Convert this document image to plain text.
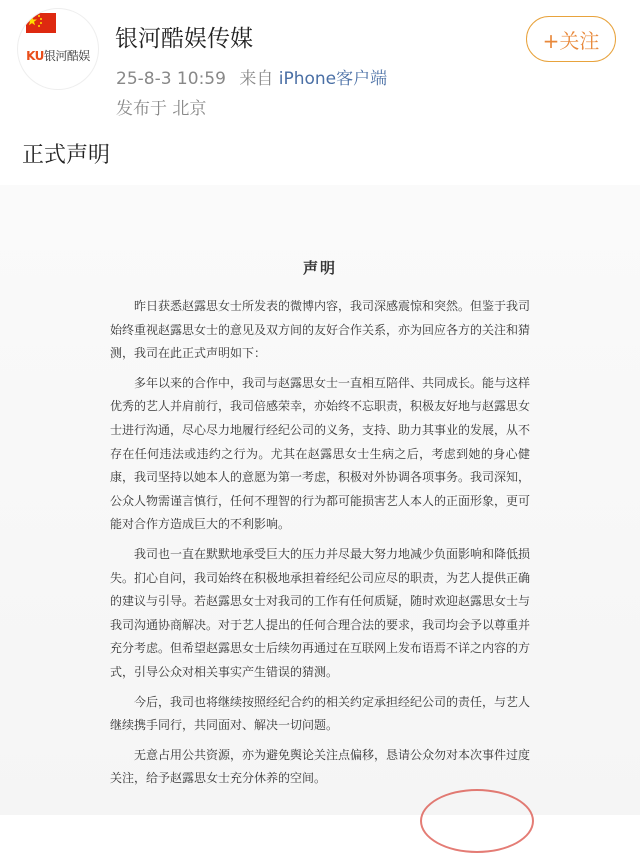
KU银河酷娱
银河酷娱传媒
25-8-3 10:59 来自 iPhone客户端
发布于 北京
+关注
正式声明
声明

昨日获悉赵露思女士所发表的微博内容，我司深感震惊和突然。但鉴于我司始终重视赵露思女士的意见及双方间的友好合作关系，亦为回应各方的关注和猜测，我司在此正式声明如下：

多年以来的合作中，我司与赵露思女士一直相互陪伴、共同成长。能与这样优秀的艺人并肩前行，我司倍感荣幸，亦始终不忘职责，积极友好地与赵露思女士进行沟通，尽心尽力地履行经纪公司的义务，支持、助力其事业的发展，从不存在任何违法或违约之行为。尤其在赵露思女士生病之后，考虑到她的身心健康，我司坚持以她本人的意愿为第一考虑，积极对外协调各项事务。我司深知，公众人物需谨言慎行，任何不理智的行为都可能损害艺人本人的正面形象，更可能对合作方造成巨大的不利影响。

我司也一直在默默地承受巨大的压力并尽最大努力地减少负面影响和降低损失。扪心自问，我司始终在积极地承担着经纪公司应尽的职责，为艺人提供正确的建议与引导。若赵露思女士对我司的工作有任何质疑，随时欢迎赵露思女士与我司沟通协商解决。对于艺人提出的任何合理合法的要求，我司均会予以尊重并充分考虑。但希望赵露思女士后续勿再通过在互联网上发布语焉不详之内容的方式，引导公众对相关事实产生错误的猜测。

今后，我司也将继续按照经纪合约的相关约定承担经纪公司的责任，与艺人继续携手同行，共同面对、解决一切问题。

无意占用公共资源，亦为避免舆论关注点偏移，恳请公众勿对本次事件过度关注，给予赵露思女士充分休养的空间。
